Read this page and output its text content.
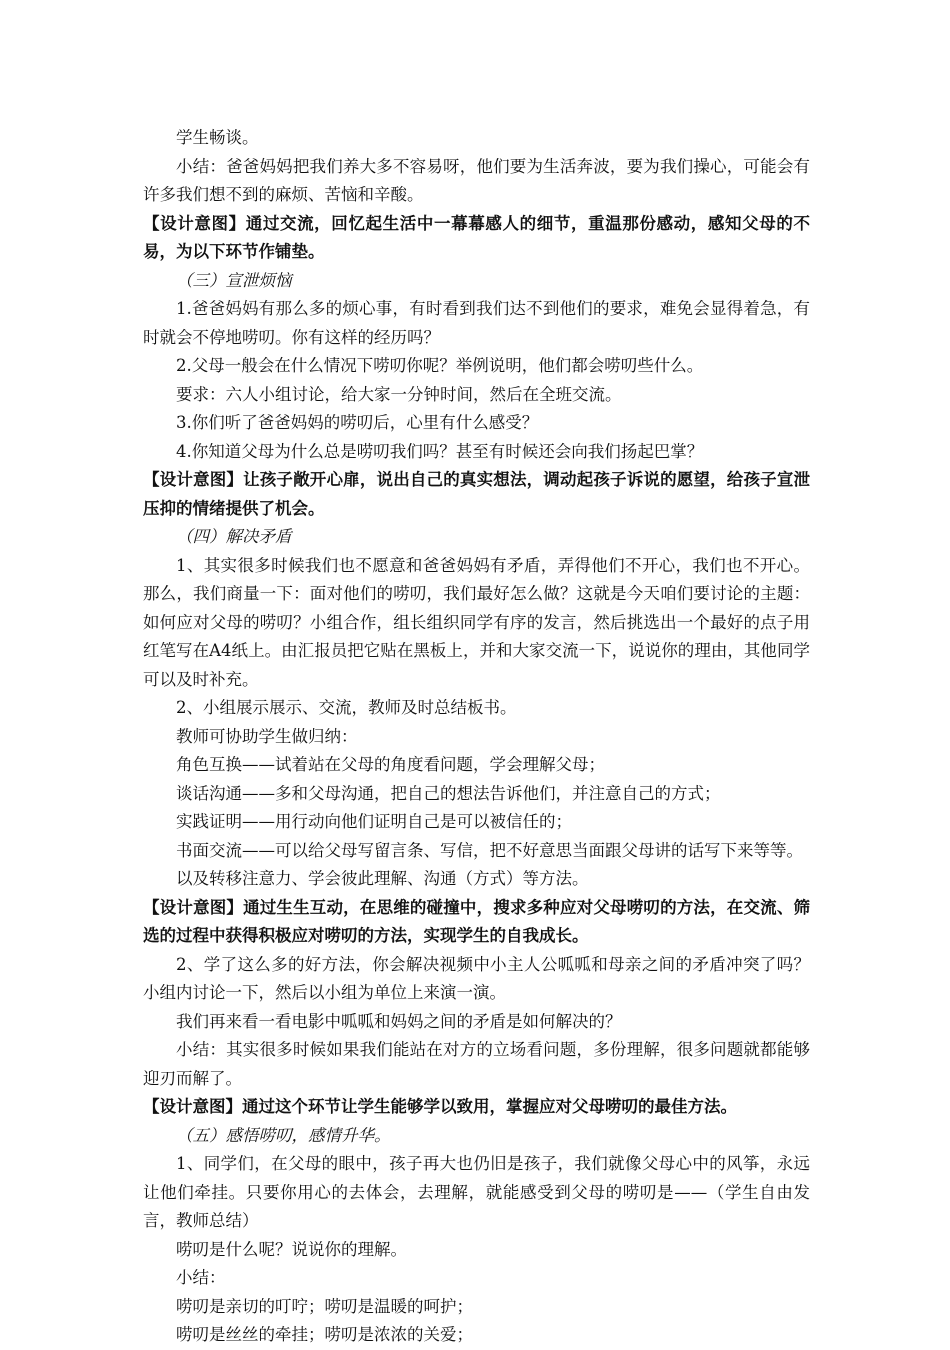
学生畅谈。

小结：爸爸妈妈把我们养大多不容易呀，他们要为生活奔波，要为我们操心，可能会有许多我们想不到的麻烦、苦恼和辛酸。

【设计意图】通过交流，回忆起生活中一幕幕感人的细节，重温那份感动，感知父母的不易，为以下环节作铺垫。

（三）宣泄烦恼

1.爸爸妈妈有那么多的烦心事，有时看到我们达不到他们的要求，难免会显得着急，有时就会不停地唠叨。你有这样的经历吗？

2.父母一般会在什么情况下唠叨你呢？举例说明，他们都会唠叨些什么。

要求：六人小组讨论，给大家一分钟时间，然后在全班交流。

3.你们听了爸爸妈妈的唠叨后，心里有什么感受？

4.你知道父母为什么总是唠叨我们吗？甚至有时候还会向我们扬起巴掌？

【设计意图】让孩子敞开心扉，说出自己的真实想法，调动起孩子诉说的愿望，给孩子宣泄压抑的情绪提供了机会。

（四）解决矛盾

1、其实很多时候我们也不愿意和爸爸妈妈有矛盾，弄得他们不开心，我们也不开心。那么，我们商量一下：面对他们的唠叨，我们最好怎么做？这就是今天咱们要讨论的主题：如何应对父母的唠叨？小组合作，组长组织同学有序的发言，然后挑选出一个最好的点子用红笔写在A4纸上。由汇报员把它贴在黑板上，并和大家交流一下，说说你的理由，其他同学可以及时补充。

2、小组展示展示、交流，教师及时总结板书。

教师可协助学生做归纳：

角色互换——试着站在父母的角度看问题，学会理解父母；

谈话沟通——多和父母沟通，把自己的想法告诉他们，并注意自己的方式；

实践证明——用行动向他们证明自己是可以被信任的；

书面交流——可以给父母写留言条、写信，把不好意思当面跟父母讲的话写下来等等。

以及转移注意力、学会彼此理解、沟通（方式）等方法。

【设计意图】通过生生互动，在思维的碰撞中，搜求多种应对父母唠叨的方法，在交流、筛选的过程中获得积极应对唠叨的方法，实现学生的自我成长。

2、学了这么多的好方法，你会解决视频中小主人公呱呱和母亲之间的矛盾冲突了吗？小组内讨论一下，然后以小组为单位上来演一演。

我们再来看一看电影中呱呱和妈妈之间的矛盾是如何解决的？

小结：其实很多时候如果我们能站在对方的立场看问题，多份理解，很多问题就都能够迎刃而解了。

【设计意图】通过这个环节让学生能够学以致用，掌握应对父母唠叨的最佳方法。

（五）感悟唠叨，感情升华。

1、同学们，在父母的眼中，孩子再大也仍旧是孩子，我们就像父母心中的风筝，永远让他们牵挂。只要你用心的去体会，去理解，就能感受到父母的唠叨是——（学生自由发言，教师总结）

唠叨是什么呢？说说你的理解。

小结：

唠叨是亲切的叮咛；唠叨是温暖的呵护；

唠叨是丝丝的牵挂；唠叨是浓浓的关爱；
